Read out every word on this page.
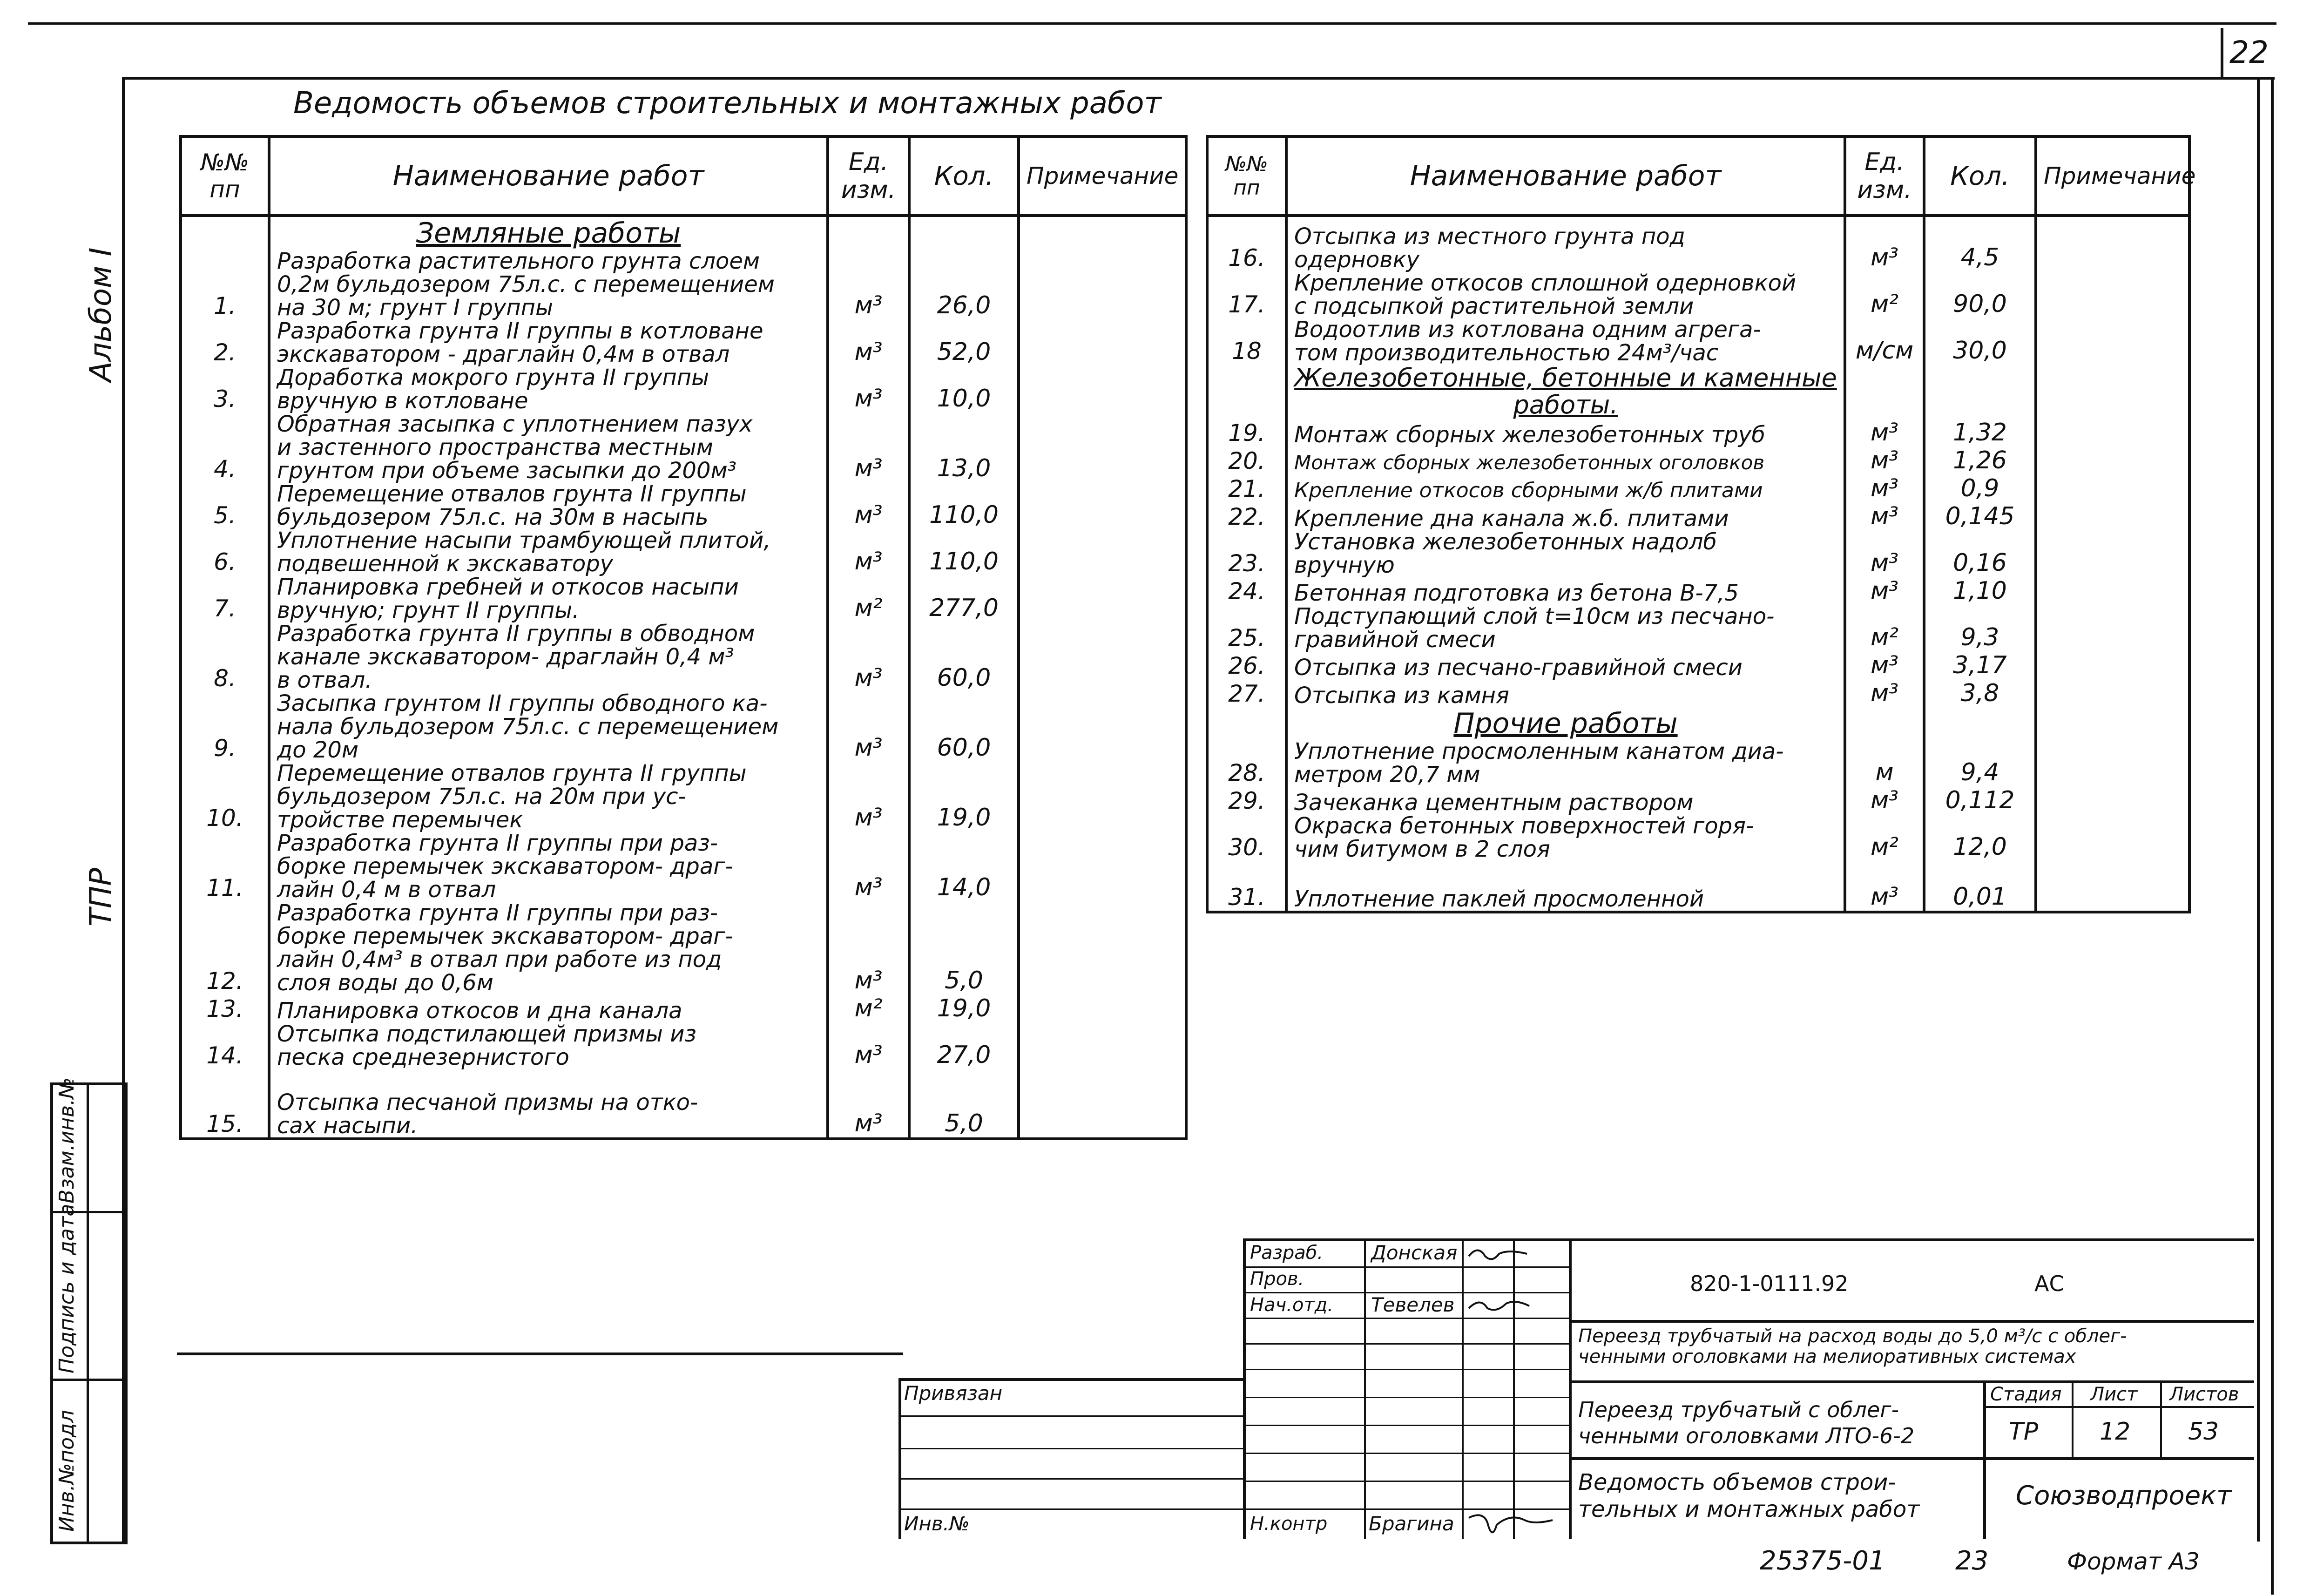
22
Альбом I
ТПР
Инв.№подл
Подпись и дата
Взам.инв.№
Ведомость объемов строительных и монтажных работ
№№ пп	Наименование работ	Ед. изм.	Кол.	Примечание
	Земляные работы			
1.	Разработка растительного грунта слоем
0,2м бульдозером 75л.с. с перемещением
на 30 м; грунт I группы	м³	26,0	
2.	Разработка грунта II группы в котловане
экскаватором - драглайн 0,4м в отвал	м³	52,0	
3.	Доработка мокрого грунта II группы
вручную в котловане	м³	10,0	
4.	Обратная засыпка с уплотнением пазух
и застенного пространства местным
грунтом при объеме засыпки до 200м³	м³	13,0	
5.	Перемещение отвалов грунта II группы
бульдозером 75л.с. на 30м в насыпь	м³	110,0	
6.	Уплотнение насыпи трамбующей плитой,
подвешенной к экскаватору	м³	110,0	
7.	Планировка гребней и откосов насыпи
вручную; грунт II группы.	м²	277,0	
8.	Разработка грунта II группы в обводном
канале экскаватором- драглайн 0,4 м³
в отвал.	м³	60,0	
9.	Засыпка грунтом II группы обводного ка-
нала бульдозером 75л.с. с перемещением
до 20м	м³	60,0	
10.	Перемещение отвалов грунта II группы
бульдозером 75л.с. на 20м при ус-
тройстве перемычек	м³	19,0	
11.	Разработка грунта II группы при раз-
борке перемычек экскаватором- драг-
лайн 0,4 м в отвал	м³	14,0	
12.	Разработка грунта II группы при раз-
борке перемычек экскаватором- драг-
лайн 0,4м³ в отвал при работе из под
слоя воды до 0,6м	м³	5,0	
13.	Планировка откосов и дна канала	м²	19,0	
14.	Отсыпка подстилающей призмы из
песка среднезернистого	м³	27,0	
15.	Отсыпка песчаной призмы на отко-
сах насыпи.	м³	5,0	
№№ пп	Наименование работ	Ед. изм.	Кол.	Примечание

16.	Отсыпка из местного грунта под
одерновку	м³	4,5	
17.	Крепление откосов сплошной одерновкой
с подсыпкой растительной земли	м²	90,0	
18	Водоотлив из котлована одним агрега-
том производительностью 24м³/час	м/см	30,0	
	Железобетонные, бетонные и каменные работы.			
19.	Монтаж сборных железобетонных труб	м³	1,32	
20.	Монтаж сборных железобетонных оголовков	м³	1,26	
21.	Крепление откосов сборными ж/б плитами	м³	0,9	
22.	Крепление дна канала ж.б. плитами	м³	0,145	
23.	Установка железобетонных надолб
вручную	м³	0,16	
24.	Бетонная подготовка из бетона В-7,5	м³	1,10	
25.	Подступающий слой t=10см из песчано-
гравийной смеси	м²	9,3	
26.	Отсыпка из песчано-гравийной смеси	м³	3,17	
27.	Отсыпка из камня	м³	3,8	
	Прочие работы			
28.	Уплотнение просмоленным канатом диа-
метром 20,7 мм	м	9,4	
29.	Зачеканка цементным раствором	м³	0,112	
30.	Окраска бетонных поверхностей горя-
чим битумом в 2 слоя	м²	12,0	
31.	Уплотнение паклей просмоленной	м³	0,01	
Разраб. Донская
Пров.
Нач.отд. Тевелев
Н.контр Брагина
Привязан
Инв.№
820-1-0111.92	АС
Переезд трубчатый на расход воды до 5,0 м³/с с облег-
ченными оголовками на мелиоративных системах
Переезд трубчатый с облег-
ченными оголовками ЛТО-6-2
Стадия Лист Листов
ТР	12 53
Ведомость объемов строи-
тельных и монтажных работ	Союзводпроект
25375-01	23	Формат А3
